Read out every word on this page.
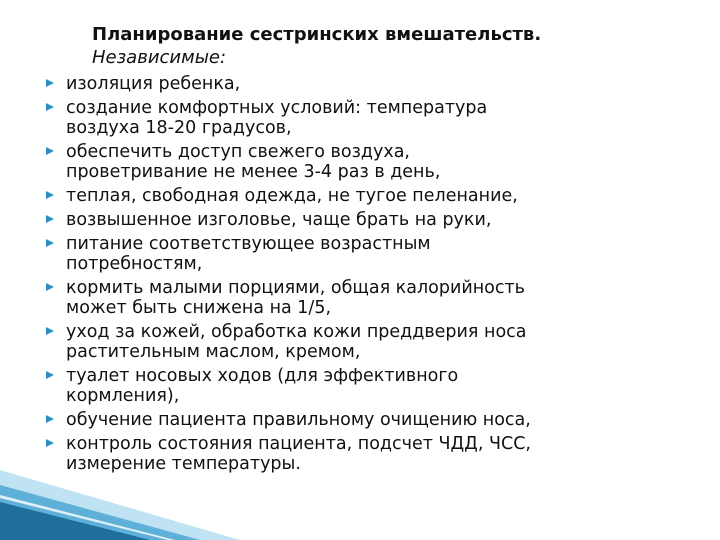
Планирование сестринских вмешательств.
Независимые:
изоляция ребенка,
создание комфортных условий: температура
воздуха 18-20 градусов,
обеспечить доступ свежего воздуха,
проветривание не менее 3-4 раз в день,
теплая, свободная одежда, не тугое пеленание,
возвышенное изголовье, чаще брать на руки,
питание соответствующее возрастным
потребностям,
кормить малыми порциями, общая калорийность
может быть снижена на 1/5,
уход за кожей, обработка кожи преддверия носа
растительным маслом, кремом,
туалет носовых ходов (для эффективного
кормления),
обучение пациента правильному очищению носа,
контроль состояния пациента, подсчет ЧДД, ЧСС,
измерение температуры.
